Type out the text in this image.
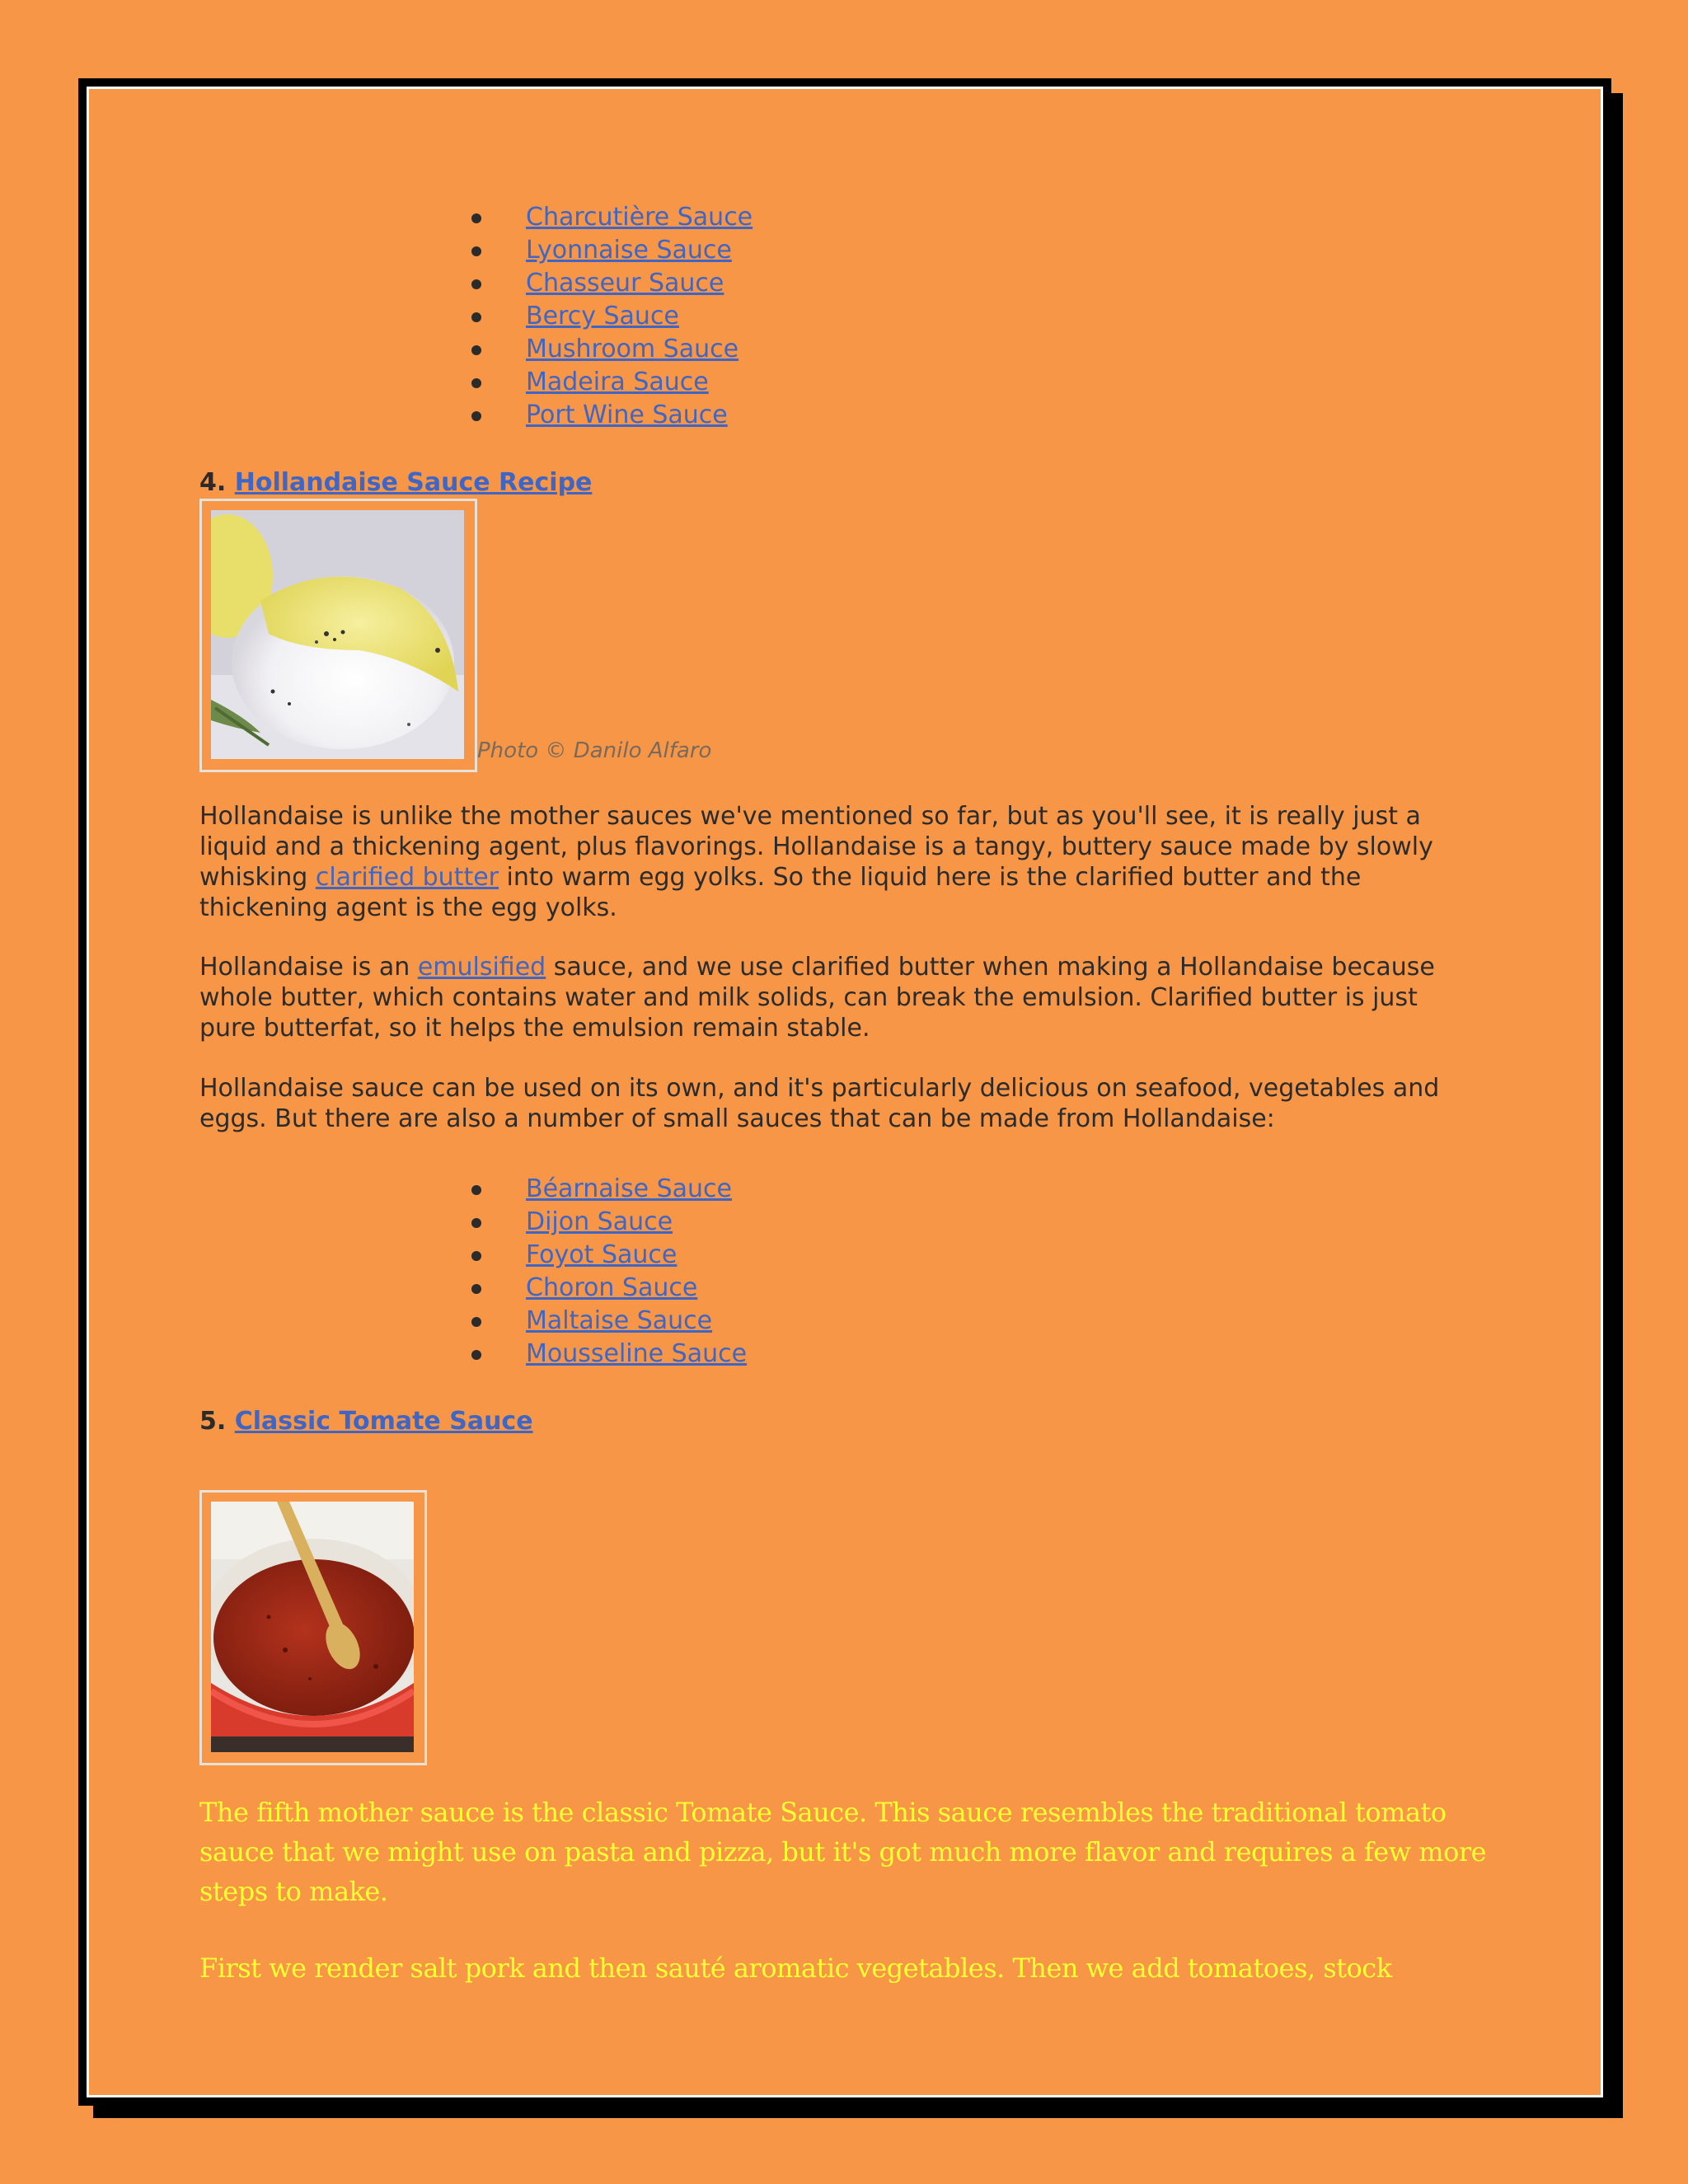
Charcutière Sauce
Lyonnaise Sauce
Chasseur Sauce
Bercy Sauce
Mushroom Sauce
Madeira Sauce
Port Wine Sauce
4. Hollandaise Sauce Recipe
Photo © Danilo Alfaro

Hollandaise is unlike the mother sauces we've mentioned so far, but as you'll see, it is really just a liquid and a thickening agent, plus flavorings. Hollandaise is a tangy, buttery sauce made by slowly whisking clarified butter into warm egg yolks. So the liquid here is the clarified butter and the thickening agent is the egg yolks.

Hollandaise is an emulsified sauce, and we use clarified butter when making a Hollandaise because whole butter, which contains water and milk solids, can break the emulsion. Clarified butter is just pure butterfat, so it helps the emulsion remain stable.

Hollandaise sauce can be used on its own, and it's particularly delicious on seafood, vegetables and eggs. But there are also a number of small sauces that can be made from Hollandaise:

Béarnaise Sauce
Dijon Sauce
Foyot Sauce
Choron Sauce
Maltaise Sauce
Mousseline Sauce
5. Classic Tomate Sauce

The fifth mother sauce is the classic Tomate Sauce. This sauce resembles the traditional tomato sauce that we might use on pasta and pizza, but it's got much more flavor and requires a few more steps to make.

First we render salt pork and then sauté aromatic vegetables. Then we add tomatoes, stock
